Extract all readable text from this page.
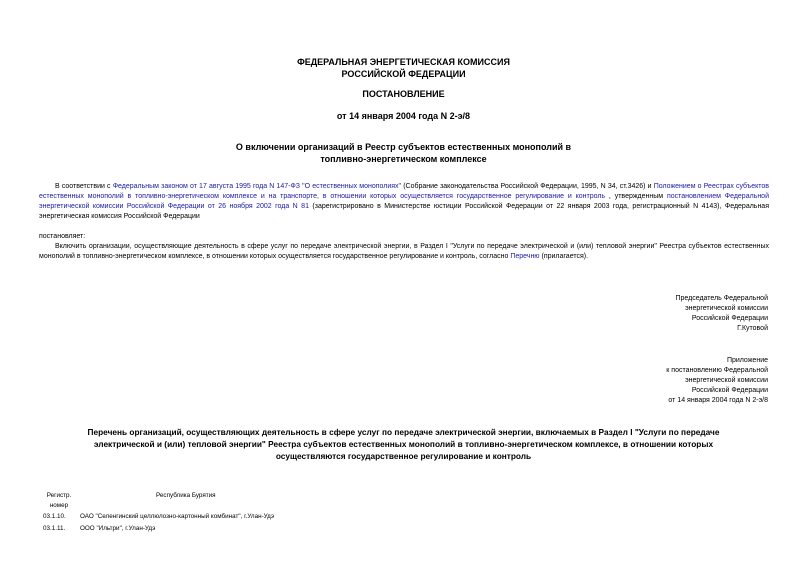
ФЕДЕРАЛЬНАЯ ЭНЕРГЕТИЧЕСКАЯ КОМИССИЯ
РОССИЙСКОЙ ФЕДЕРАЦИИ
ПОСТАНОВЛЕНИЕ
от 14 января 2004 года N 2-э/8
О включении организаций в Реестр субъектов естественных монополий в
топливно-энергетическом комплексе
В соответствии с Федеральным законом от 17 августа 1995 года N 147-ФЗ "О естественных монополиях" (Собрание законодательства Российской Федерации, 1995, N 34, ст.3426) и Положением о Реестрах субъектов естественных монополий в топливно-энергетическом комплексе и на транспорте, в отношении которых осуществляется государственное регулирование и контроль , утвержденным постановлением Федеральной энергетической комиссии Российской Федерации от 26 ноября 2002 года N 81 (зарегистрировано в Министерстве юстиции Российской Федерации от 22 января 2003 года, регистрационный N 4143), Федеральная энергетическая комиссия Российской Федерации
постановляет:
Включить организации, осуществляющие деятельность в сфере услуг по передаче электрической энергии, в Раздел I "Услуги по передаче электрической и (или) тепловой энергии" Реестра субъектов естественных монополий в топливно-энергетическом комплексе, в отношении которых осуществляется государственное регулирование и контроль, согласно Перечню (прилагается).
Председатель Федеральной
энергетической комиссии
Российской Федерации
Г.Кутовой
Приложение
к постановлению Федеральной
энергетической комиссии
Российской Федерации
от 14 января 2004 года N 2-э/8
Перечень организаций, осуществляющих деятельность в сфере услуг по передаче электрической энергии, включаемых в Раздел I "Услуги по передаче
электрической и (или) тепловой энергии" Реестра субъектов естественных монополий в топливно-энергетическом комплексе, в отношении которых
осуществляются государственное регулирование и контроль
Регистр.
номер
Республика Бурятия
03.1.10. ОАО "Селенгинский целлюлозно-картонный комбинат", г.Улан-Удэ
03.1.11. ООО "Ильтри", г.Улан-Удэ
